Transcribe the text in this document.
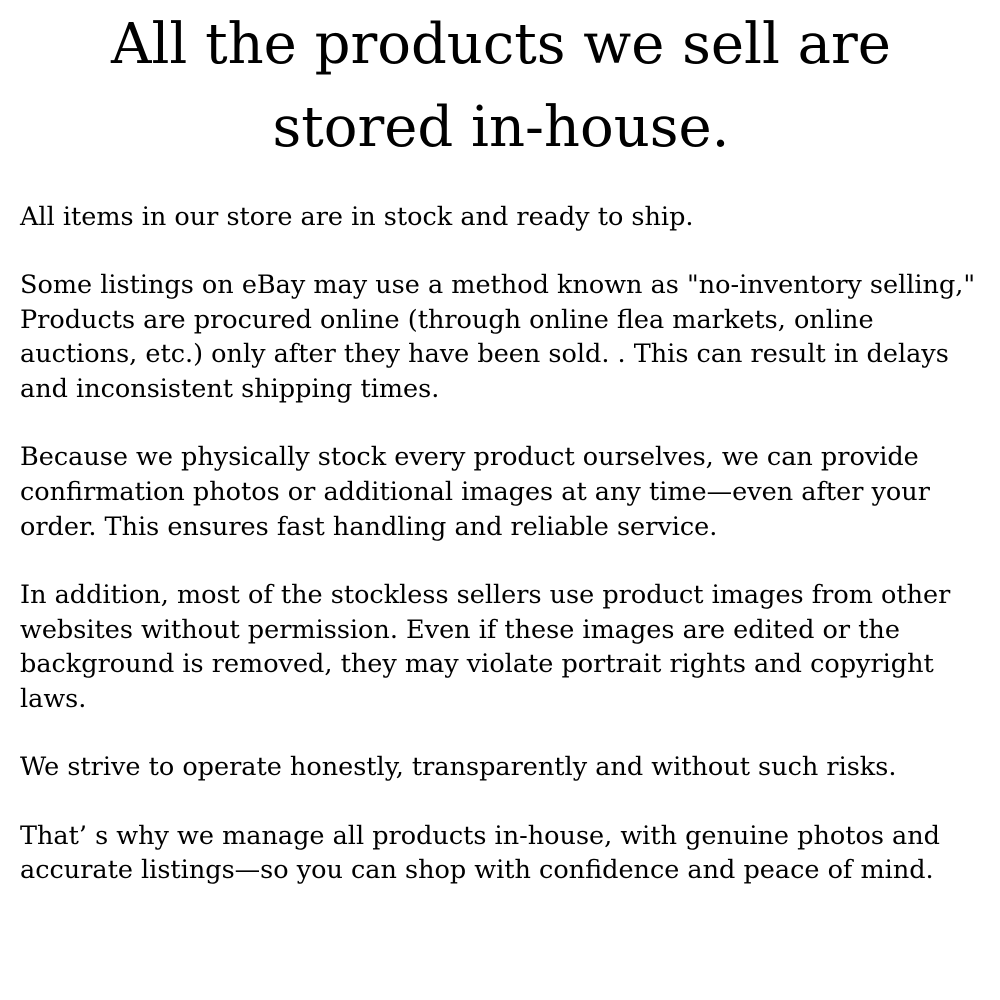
All the products we sell are stored in-house.

All items in our store are in stock and ready to ship.

Some listings on eBay may use a method known as "no-inventory selling," Products are procured online (through online flea markets, online auctions, etc.) only after they have been sold. . This can result in delays and inconsistent shipping times.

Because we physically stock every product ourselves, we can provide confirmation photos or additional images at any time—even after your order. This ensures fast handling and reliable service.

In addition, most of the stockless sellers use product images from other websites without permission. Even if these images are edited or the background is removed, they may violate portrait rights and copyright laws.

We strive to operate honestly, transparently and without such risks.

That’ s why we manage all products in-house, with genuine photos and accurate listings—so you can shop with confidence and peace of mind.
